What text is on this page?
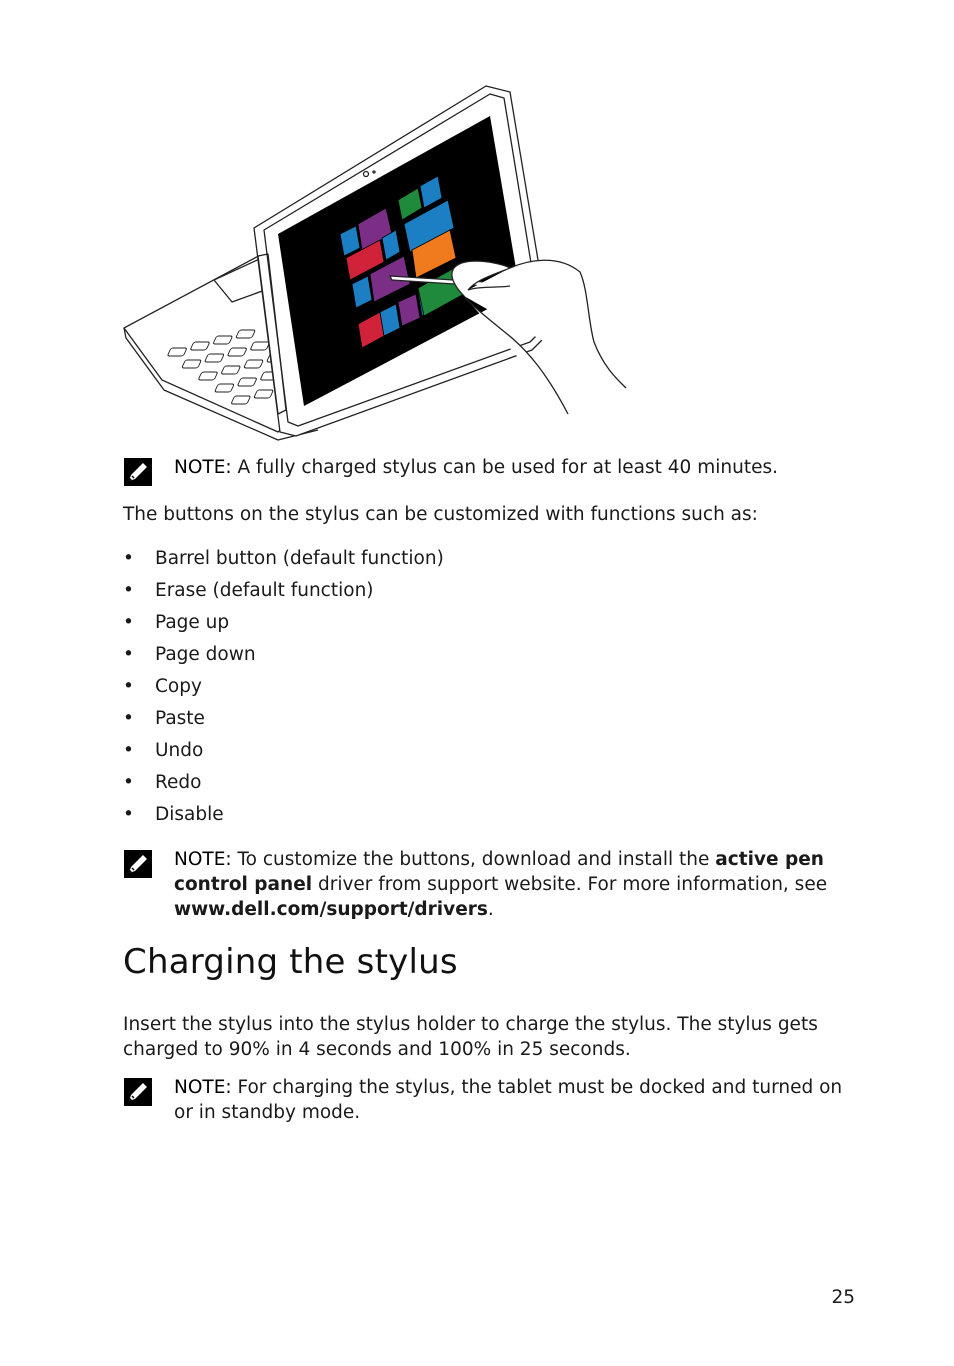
NOTE: A fully charged stylus can be used for at least 40 minutes.
The buttons on the stylus can be customized with functions such as:
• Barrel button (default function)
• Erase (default function)
• Page up
• Page down
• Copy
• Paste
• Undo
• Redo
• Disable
NOTE: To customize the buttons, download and install the active pen control panel driver from support website. For more information, see www.dell.com/support/drivers.
Charging the stylus
Insert the stylus into the stylus holder to charge the stylus. The stylus gets charged to 90% in 4 seconds and 100% in 25 seconds.
NOTE: For charging the stylus, the tablet must be docked and turned on or in standby mode.
25
